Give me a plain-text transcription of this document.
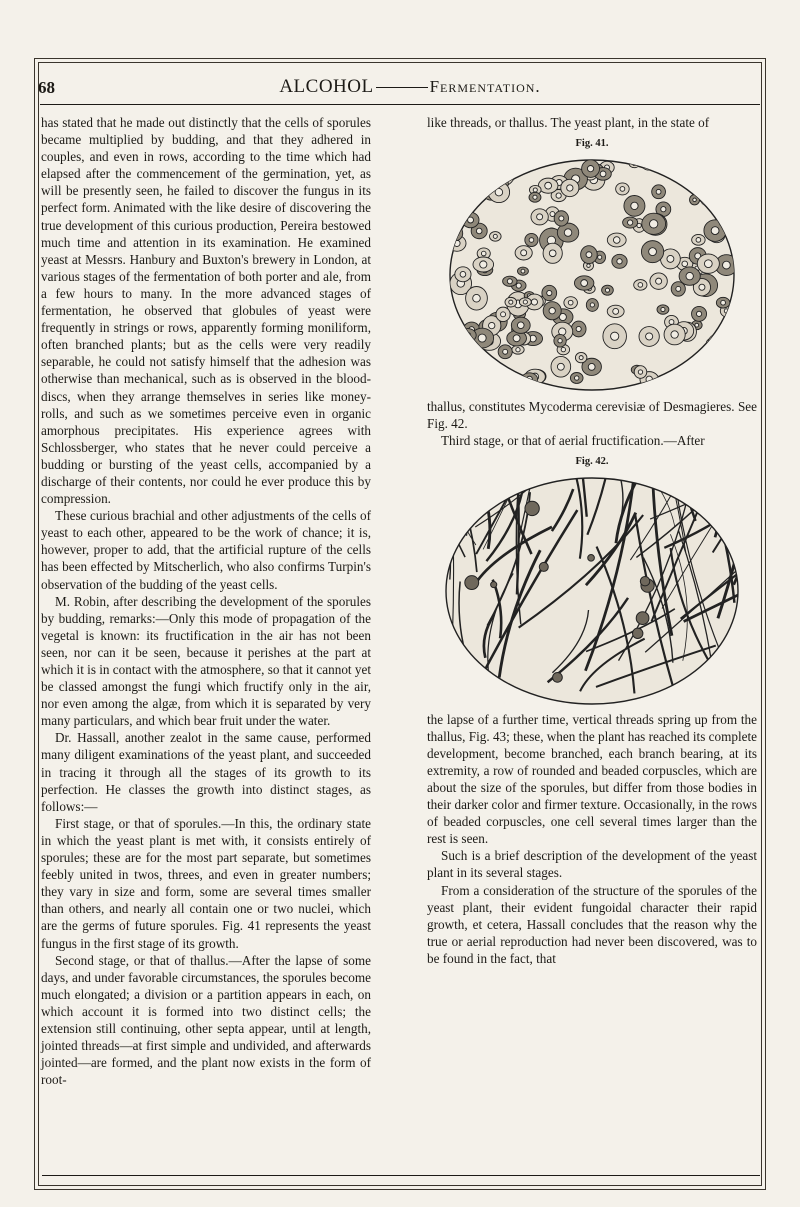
68	ALCOHOL	Fermentation.

has stated that he made out distinctly that the cells of sporules became multiplied by budding, and that they adhered in couples, and even in rows, according to the time which had elapsed after the commencement of the germination, yet, as will be presently seen, he failed to discover the fungus in its perfect form. Animated with the like desire of discovering the true development of this curious production, Pereira bestowed much time and attention in its examination. He examined yeast at Messrs. Hanbury and Buxton's brewery in London, at various stages of the fermentation of both porter and ale, from a few hours to many. In the more advanced stages of fermentation, he observed that globules of yeast were frequently in strings or rows, apparently forming moniliform, often branched plants; but as the cells were very readily separable, he could not satisfy himself that the adhesion was otherwise than mechanical, such as is observed in the blood-discs, when they arrange themselves in series like money-rolls, and such as we sometimes perceive even in organic amorphous precipitates. His experience agrees with Schlossberger, who states that he never could perceive a budding or bursting of the yeast cells, accompanied by a discharge of their contents, nor could he ever produce this by compression.

These curious brachial and other adjustments of the cells of yeast to each other, appeared to be the work of chance; it is, however, proper to add, that the artificial rupture of the cells has been effected by Mitscherlich, who also confirms Turpin's observation of the budding of the yeast cells.

M. Robin, after describing the development of the sporules by budding, remarks:—Only this mode of propagation of the vegetal is known: its fructification in the air has not been seen, nor can it be seen, because it perishes at the part at which it is in contact with the atmosphere, so that it cannot yet be classed amongst the fungi which fructify only in the air, nor even among the algæ, from which it is separated by very many particulars, and which bear fruit under the water.

Dr. Hassall, another zealot in the same cause, performed many diligent examinations of the yeast plant, and succeeded in tracing it through all the stages of its growth to its perfection. He classes the growth into distinct stages, as follows:—

First stage, or that of sporules.—In this, the ordinary state in which the yeast plant is met with, it consists entirely of sporules; these are for the most part separate, but sometimes feebly united in twos, threes, and even in greater numbers; they vary in size and form, some are several times smaller than others, and nearly all contain one or two nuclei, which are the germs of future sporules. Fig. 41 represents the yeast fungus in the first stage of its growth.

Second stage, or that of thallus.—After the lapse of some days, and under favorable circumstances, the sporules become much elongated; a division or a partition appears in each, on which account it is formed into two distinct cells; the extension still continuing, other septa appear, until at length, jointed threads—at first simple and undivided, and afterwards jointed—are formed, and the plant now exists in the form of root-

like threads, or thallus. The yeast plant, in the state of

Fig. 41.

thallus, constitutes Mycoderma cerevisiæ of Desmagieres. See Fig. 42.

Third stage, or that of aerial fructification.—After

Fig. 42.

the lapse of a further time, vertical threads spring up from the thallus, Fig. 43; these, when the plant has reached its complete development, become branched, each branch bearing, at its extremity, a row of rounded and beaded corpuscles, which are about the size of the sporules, but differ from those bodies in their darker color and firmer texture. Occasionally, in the rows of beaded corpuscles, one cell several times larger than the rest is seen.

Such is a brief description of the development of the yeast plant in its several stages.

From a consideration of the structure of the sporules of the yeast plant, their evident fungoidal character their rapid growth, et cetera, Hassall concludes that the reason why the true or aerial reproduction had never been discovered, was to be found in the fact, that
